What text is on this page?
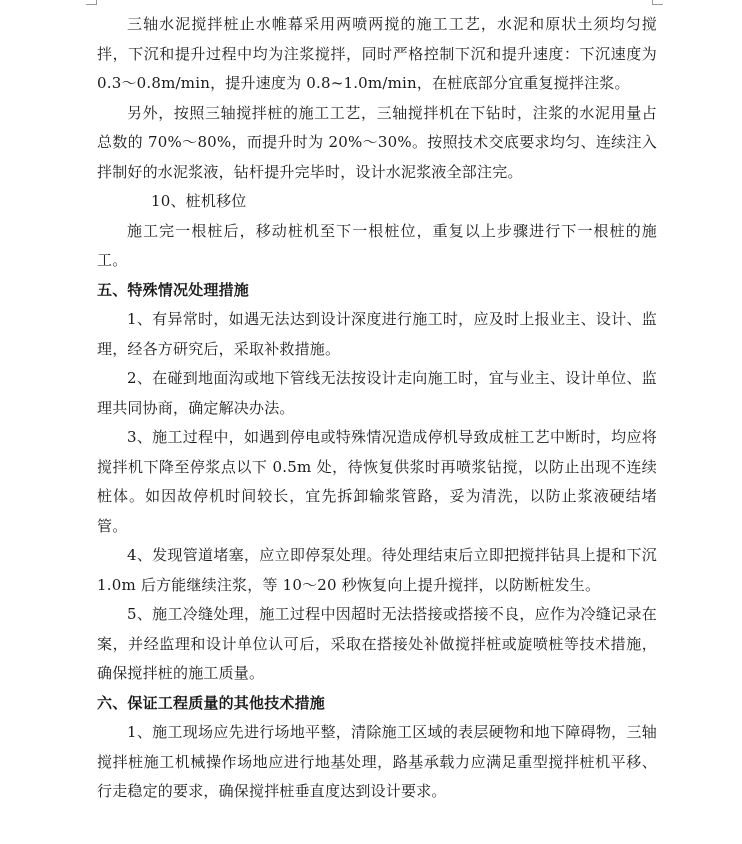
三轴水泥搅拌桩止水帷幕采用两喷两搅的施工工艺，水泥和原状土须均匀搅拌，下沉和提升过程中均为注浆搅拌，同时严格控制下沉和提升速度：下沉速度为 0.3～0.8m/min，提升速度为 0.8~1.0m/min，在桩底部分宜重复搅拌注浆。

另外，按照三轴搅拌桩的施工工艺，三轴搅拌机在下钻时，注浆的水泥用量占总数的 70%～80%，而提升时为 20%～30%。按照技术交底要求均匀、连续注入拌制好的水泥浆液，钻杆提升完毕时，设计水泥浆液全部注完。

10、桩机移位

施工完一根桩后，移动桩机至下一根桩位，重复以上步骤进行下一根桩的施工。

五、特殊情况处理措施

1、有异常时，如遇无法达到设计深度进行施工时，应及时上报业主、设计、监理，经各方研究后，采取补救措施。

2、在碰到地面沟或地下管线无法按设计走向施工时，宜与业主、设计单位、监理共同协商，确定解决办法。

3、施工过程中，如遇到停电或特殊情况造成停机导致成桩工艺中断时，均应将搅拌机下降至停浆点以下 0.5m 处，待恢复供浆时再喷浆钻搅，以防止出现不连续桩体。如因故停机时间较长，宜先拆卸输浆管路，妥为清洗，以防止浆液硬结堵管。

4、发现管道堵塞，应立即停泵处理。待处理结束后立即把搅拌钻具上提和下沉 1.0m 后方能继续注浆，等 10～20 秒恢复向上提升搅拌，以防断桩发生。

5、施工冷缝处理，施工过程中因超时无法搭接或搭接不良，应作为冷缝记录在案，并经监理和设计单位认可后，采取在搭接处补做搅拌桩或旋喷桩等技术措施，确保搅拌桩的施工质量。

六、保证工程质量的其他技术措施

1、施工现场应先进行场地平整，清除施工区域的表层硬物和地下障碍物，三轴搅拌桩施工机械操作场地应进行地基处理，路基承载力应满足重型搅拌桩机平移、行走稳定的要求，确保搅拌桩垂直度达到设计要求。
